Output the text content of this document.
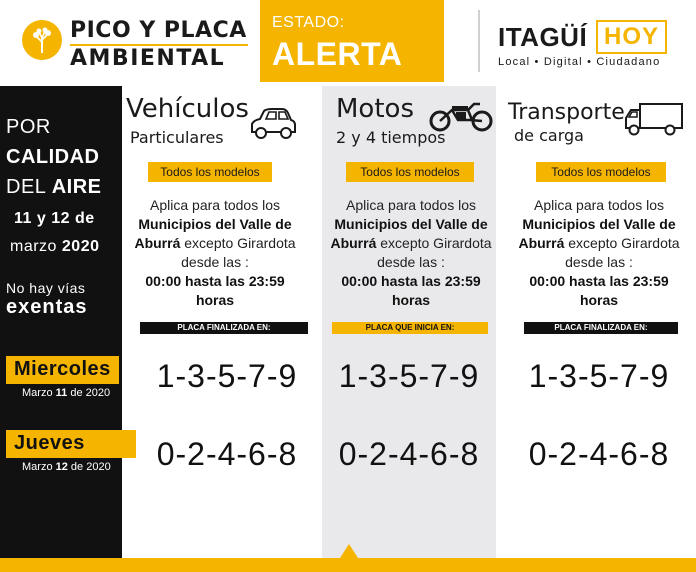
PICO Y PLACA
AMBIENTAL
ESTADO:
ALERTA	ITAGÜÍ HOY
Local • Digital • Ciudadano
POR
CALIDAD
DEL AIRE
11 y 12 de
marzo 2020
No hay vías
exentas
Miercoles
Marzo 11 de 2020
Jueves
Marzo 12 de 2020
Vehículos
Particulares
Todos los modelos
Aplica para todos los
Municipios del Valle de
Aburrá excepto Girardota
desde las :
00:00 hasta las 23:59
horas
PLACA FINALIZADA EN:
1-3-5-7-9
0-2-4-6-8
Motos
2 y 4 tiempos
Todos los modelos
Aplica para todos los
Municipios del Valle de
Aburrá excepto Girardota
desde las :
00:00 hasta las 23:59
horas
PLACA QUE INICIA EN:
1-3-5-7-9
0-2-4-6-8
Transporte
de carga
Todos los modelos
Aplica para todos los
Municipios del Valle de
Aburrá excepto Girardota
desde las :
00:00 hasta las 23:59
horas
PLACA FINALIZADA EN:
1-3-5-7-9
0-2-4-6-8
